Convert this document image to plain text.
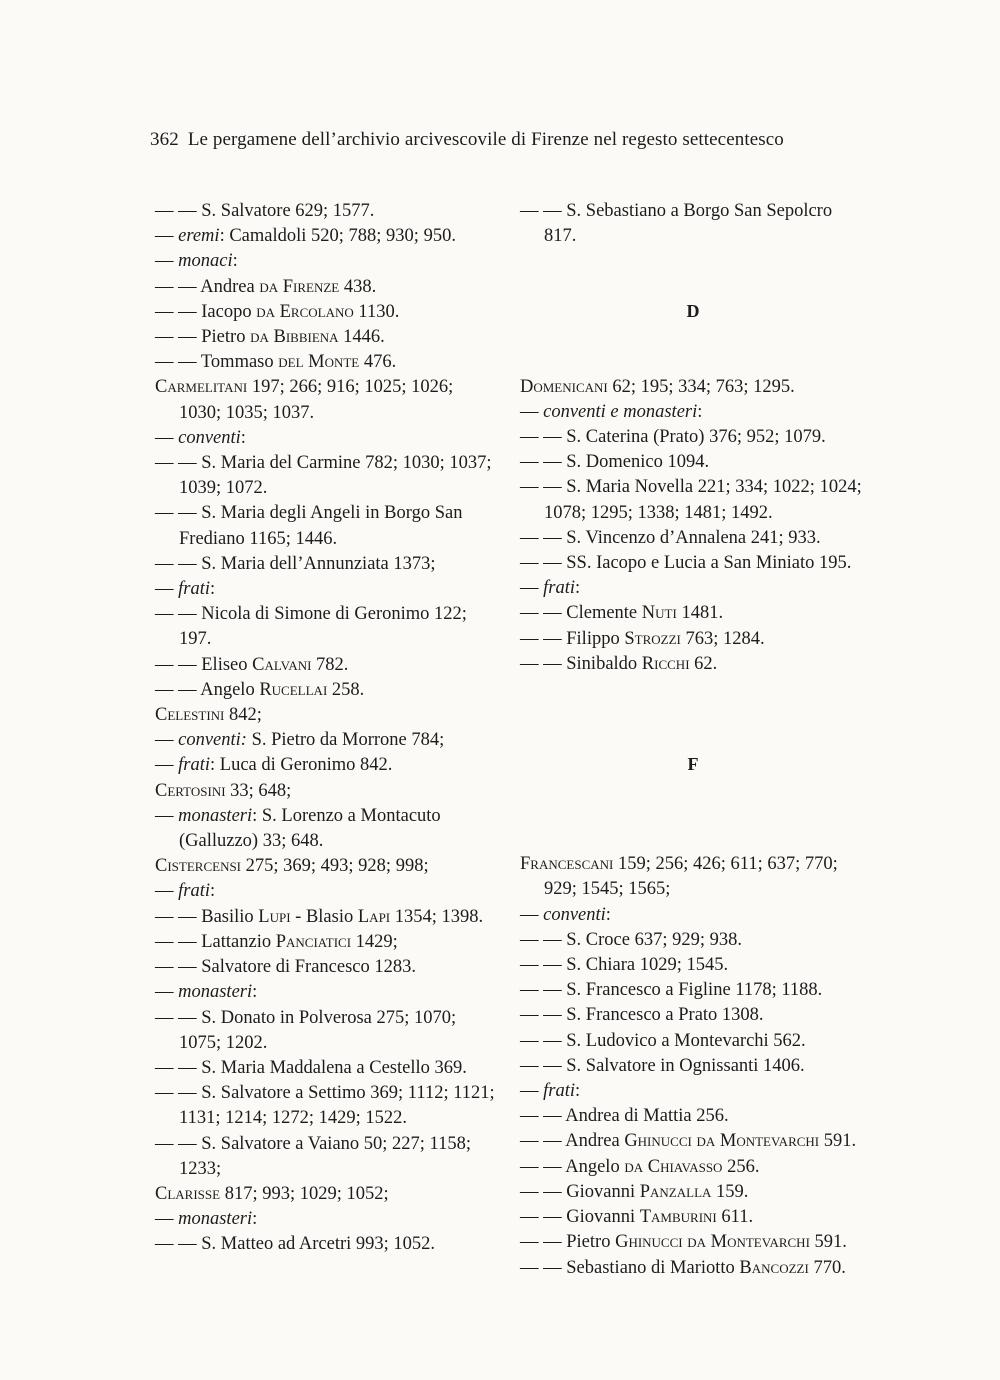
362 Le pergamene dell’archivio arcivescovile di Firenze nel regesto settecentesco
— — S. Salvatore 629; 1577.
— eremi: Camaldoli 520; 788; 930; 950.
— monaci:
— — Andrea da Firenze 438.
— — Iacopo da Ercolano 1130.
— — Pietro da Bibbiena 1446.
— — Tommaso del Monte 476.
Carmelitani 197; 266; 916; 1025; 1026; 1030; 1035; 1037.
— conventi:
— — S. Maria del Carmine 782; 1030; 1037; 1039; 1072.
— — S. Maria degli Angeli in Borgo San Frediano 1165; 1446.
— — S. Maria dell’Annunziata 1373;
— frati:
— — Nicola di Simone di Geronimo 122; 197.
— — Eliseo Calvani 782.
— — Angelo Rucellai 258.
Celestini 842;
— conventi: S. Pietro da Morrone 784;
— frati: Luca di Geronimo 842.
Certosini 33; 648;
— monasteri: S. Lorenzo a Montacuto (Galluzzo) 33; 648.
Cistercensi 275; 369; 493; 928; 998;
— frati:
— — Basilio Lupi - Blasio Lapi 1354; 1398.
— — Lattanzio Panciatici 1429;
— — Salvatore di Francesco 1283.
— monasteri:
— — S. Donato in Polverosa 275; 1070; 1075; 1202.
— — S. Maria Maddalena a Cestello 369.
— — S. Salvatore a Settimo 369; 1112; 1121; 1131; 1214; 1272; 1429; 1522.
— — S. Salvatore a Vaiano 50; 227; 1158; 1233;
Clarisse 817; 993; 1029; 1052;
— monasteri:
— — S. Matteo ad Arcetri 993; 1052.
— — S. Sebastiano a Borgo San Sepolcro 817.
D
Domenicani 62; 195; 334; 763; 1295.
— conventi e monasteri:
— — S. Caterina (Prato) 376; 952; 1079.
— — S. Domenico 1094.
— — S. Maria Novella 221; 334; 1022; 1024; 1078; 1295; 1338; 1481; 1492.
— — S. Vincenzo d’Annalena 241; 933.
— — SS. Iacopo e Lucia a San Miniato 195.
— frati:
— — Clemente Nuti 1481.
— — Filippo Strozzi 763; 1284.
— — Sinibaldo Ricchi 62.
F
Francescani 159; 256; 426; 611; 637; 770; 929; 1545; 1565;
— conventi:
— — S. Croce 637; 929; 938.
— — S. Chiara 1029; 1545.
— — S. Francesco a Figline 1178; 1188.
— — S. Francesco a Prato 1308.
— — S. Ludovico a Montevarchi 562.
— — S. Salvatore in Ognissanti 1406.
— frati:
— — Andrea di Mattia 256.
— — Andrea Ghinucci da Montevarchi 591.
— — Angelo da Chiavasso 256.
— — Giovanni Panzalla 159.
— — Giovanni Tamburini 611.
— — Pietro Ghinucci da Montevarchi 591.
— — Sebastiano di Mariotto Bancozzi 770.
